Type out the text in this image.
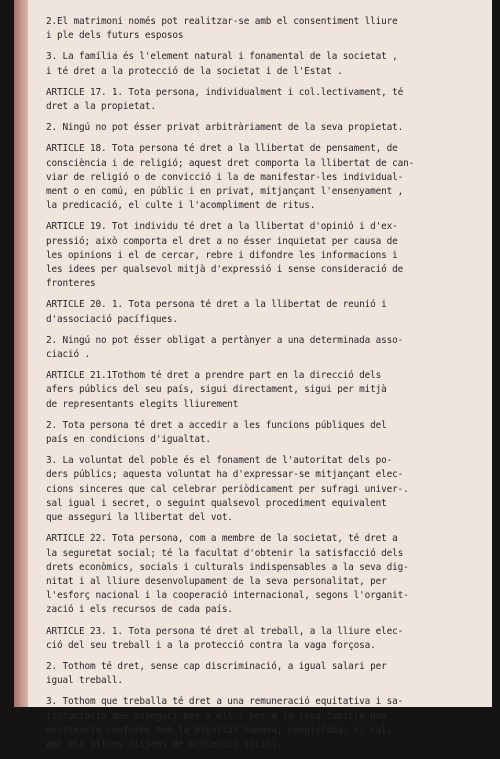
2.El matrimoni només pot realitzar-se amb el consentiment lliure
i ple dels futurs esposos
3. La família és l'element natural i fonamental de la societat ,
i té dret a la protecció de la societat i de l'Estat .
ARTICLE 17. 1. Tota persona, individualment i col.lectivament, té
dret a la propietat.
2. Ningú no pot ésser privat arbitràriament de la seva propietat.
ARTICLE 18. Tota persona té dret a la llibertat de pensament, de
consciència i de religió; aquest dret comporta la llibertat de can-
viar de religió o de convicció i la de manifestar-les individual-
ment o en comú, en públic i en privat, mitjançant l'ensenyament ,
la predicació, el culte i l'acompliment de ritus.
ARTICLE 19. Tot individu té dret a la llibertat d'opinió i d'ex-
pressió; això comporta el dret a no ésser inquietat per causa de
les opinions i el de cercar, rebre i difondre les informacions i
les idees per qualsevol mitjà d'expressió i sense consideració de
fronteres
ARTICLE 20. 1. Tota persona té dret a la llibertat de reunió i
d'associació pacífiques.
2. Ningú no pot ésser obligat a pertànyer a una determinada asso-
ciació .
ARTICLE 21.1Tothom té dret a prendre part en la direcció dels
afers públics del seu país, sigui directament, sigui per mitjà
de representants elegits lliurement
2. Tota persona té dret a accedir a les funcions públiques del
país en condicions d'igualtat.
3. La voluntat del poble és el fonament de l'autoritat dels po-
ders públics; aquesta voluntat ha d'expressar-se mitjançant elec-
cions sinceres que cal celebrar periòdicament per sufragi univer-.
sal igual i secret, o seguint qualsevol procediment equivalent
que asseguri la llibertat del vot.
ARTICLE 22. Tota persona, com a membre de la societat, té dret a
la seguretat social; té la facultat d'obtenir la satisfacció dels
drets econòmics, socials i culturals indispensables a la seva dig-
nitat i al lliure desenvolupament de la seva personalitat, per
l'esforç nacional i la cooperació internacional, segons l'organit-
zació i els recursos de cada país.
ARTICLE 23. 1. Tota persona té dret al treball, a la lliure elec-
ció del seu treball i a la protecció contra la vaga forçosa.
2. Tothom té dret, sense cap discriminació, a igual salari per
igual treball.
3. Tothom que treballa té dret a una remuneració equitativa i sa-
tisfactòria que asseguri per a ell i per a la seva família una
existència conforme amb la dignitat humana; completada, si cal,
amb els altres mitjans de protecció social.
